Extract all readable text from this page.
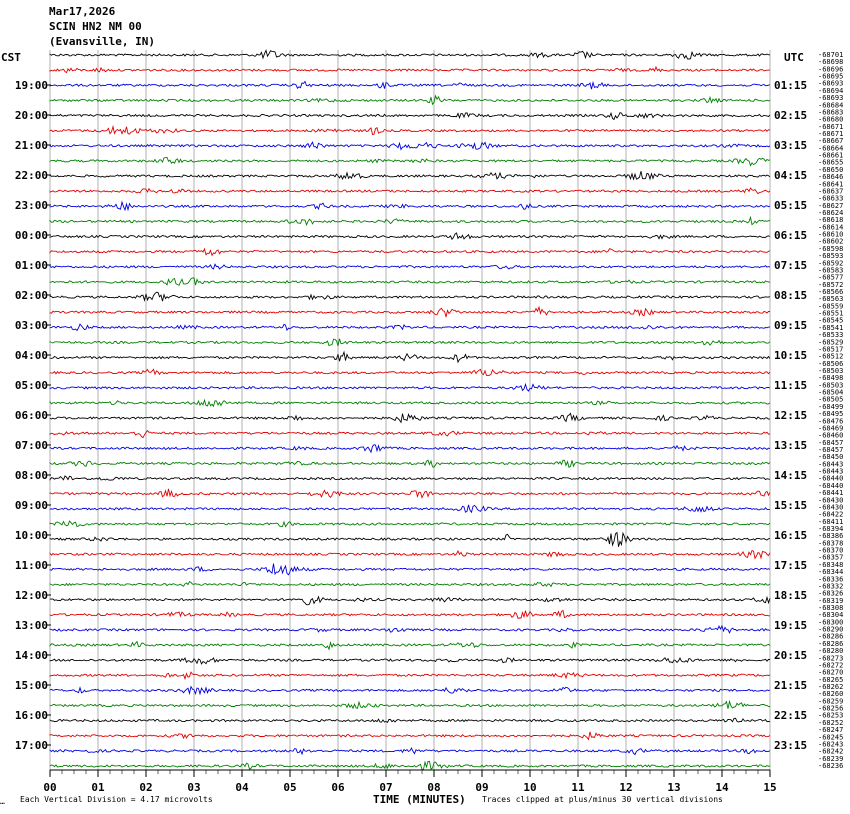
Mar17,2026
SCIN HN2 NM 00
(Evansville, IN)
CST	UTC
00	01	02	03	04	05	06	07	08	09	10	11	12	13	14	15
19:00
20:00
21:00
22:00
23:00
00:00
01:00
02:00
03:00
04:00
05:00
06:00
07:00
08:00
09:00
10:00
11:00
12:00
13:00
14:00
15:00
16:00
17:00
01:15
02:15
03:15
04:15
05:15
06:15
07:15
08:15
09:15
10:15
11:15
12:15
13:15
14:15
15:15
16:15
17:15
18:15
19:15
20:15
21:15
22:15
23:15
-68701
-68698
-68696
-68695
-68693
-68694
-68693
-68684
-68683
-68680
-68671
-68671
-68667
-68664
-68661
-68655
-68650
-68646
-68641
-68637
-68633
-68627
-68624
-68618
-68614
-68610
-68602
-68598
-68593
-68592
-68583
-68577
-68572
-68566
-68563
-68559
-68551
-68545
-68541
-68533
-68529
-68517
-68512
-68506
-68503
-68498
-68503
-68504
-68505
-68499
-68495
-68476
-68469
-68460
-68457
-68457
-68450
-68443
-68443
-68440
-68440
-68441
-68430
-68430
-68422
-68411
-68394
-68386
-68378
-68370
-68357
-68348
-68344
-68336
-68332
-68326
-68319
-68308
-68304
-68300
-68290
-68286
-68286
-68280
-68273
-68272
-68270
-68265
-68262
-68260
-68259
-68256
-68253
-68252
-68247
-68245
-68243
-68242
-68239
-68236
… Each Vertical Division = 4.17 microvolts	TIME (MINUTES) Traces clipped at plus/minus 30 vertical divisions
